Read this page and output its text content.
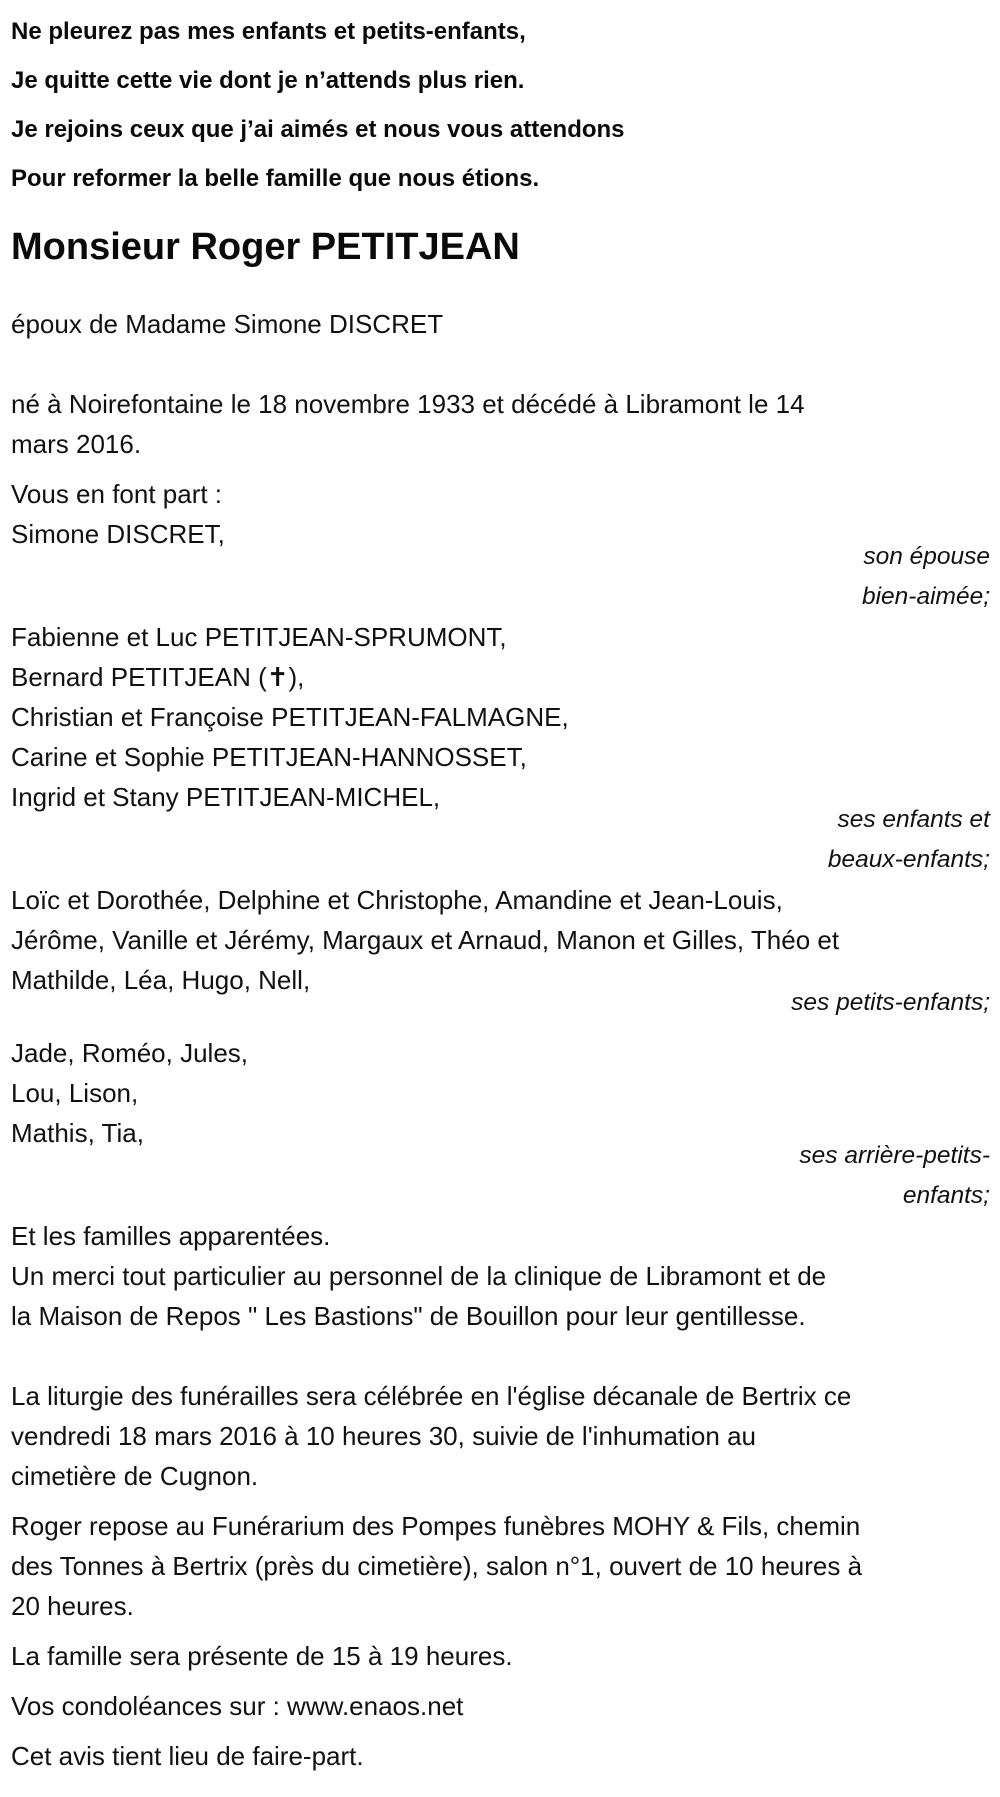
Ne pleurez pas mes enfants et petits-enfants,
Je quitte cette vie dont je n’attends plus rien.
Je rejoins ceux que j’ai aimés et nous vous attendons
Pour reformer la belle famille que nous étions.
Monsieur Roger PETITJEAN

époux de Madame Simone DISCRET

né à Noirefontaine le 18 novembre 1933 et décédé à Libramont le 14
mars 2016.

Vous en font part :
Simone DISCRET,

son épouse
bien-aimée;

Fabienne et Luc PETITJEAN-SPRUMONT,
Bernard PETITJEAN (✝),
Christian et Françoise PETITJEAN-FALMAGNE,
Carine et Sophie PETITJEAN-HANNOSSET,
Ingrid et Stany PETITJEAN-MICHEL,

ses enfants et
beaux-enfants;

Loïc et Dorothée, Delphine et Christophe, Amandine et Jean-Louis,
Jérôme, Vanille et Jérémy, Margaux et Arnaud, Manon et Gilles, Théo et
Mathilde, Léa, Hugo, Nell,

ses petits-enfants;

Jade, Roméo, Jules,
Lou, Lison,
Mathis, Tia,

ses arrière-petits-
enfants;

Et les familles apparentées.
Un merci tout particulier au personnel de la clinique de Libramont et de
la Maison de Repos " Les Bastions" de Bouillon pour leur gentillesse.

La liturgie des funérailles sera célébrée en l'église décanale de Bertrix ce
vendredi 18 mars 2016 à 10 heures 30, suivie de l'inhumation au
cimetière de Cugnon.

Roger repose au Funérarium des Pompes funèbres MOHY & Fils, chemin
des Tonnes à Bertrix (près du cimetière), salon n°1, ouvert de 10 heures à
20 heures.

La famille sera présente de 15 à 19 heures.

Vos condoléances sur : www.enaos.net

Cet avis tient lieu de faire-part.
